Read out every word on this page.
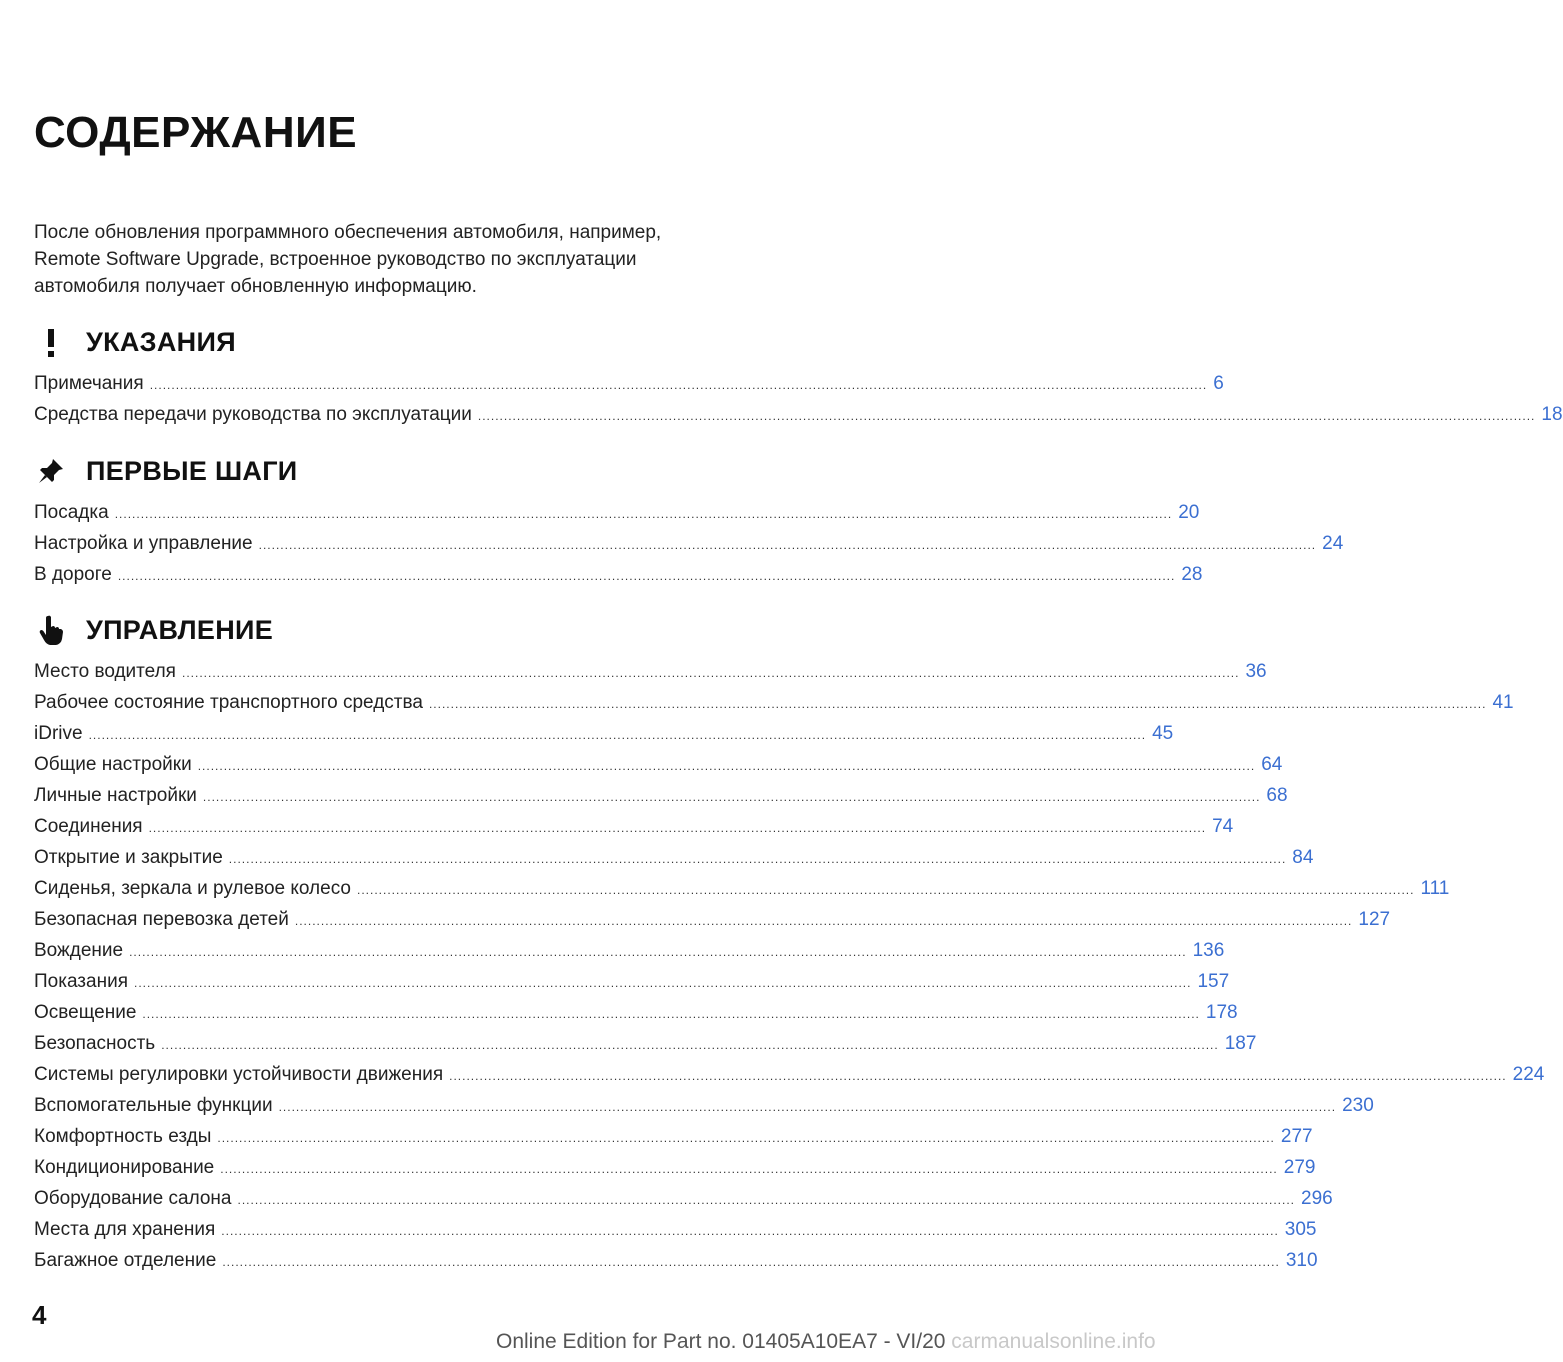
СОДЕРЖАНИЕ
После обновления программного обеспечения автомобиля, например, Remote Software Upgrade, встроенное руководство по эксплуатации автомобиля получает обновленную информацию.
УКАЗАНИЯ
Примечания .....	6
Средства передачи руководства по эксплуатации .....	18
ПЕРВЫЕ ШАГИ
Посадка .....	20
Настройка и управление .....	24
В дороге .....	28
УПРАВЛЕНИЕ
Место водителя .....	36
Рабочее состояние транспортного средства .....	41
iDrive .....	45
Общие настройки .....	64
Личные настройки .....	68
Соединения .....	74
Открытие и закрытие .....	84
Сиденья, зеркала и рулевое колесо .....	111
Безопасная перевозка детей .....	127
Вождение .....	136
Показания .....	157
Освещение .....	178
Безопасность .....	187
Системы регулировки устойчивости движения .....	224
Вспомогательные функции .....	230
Комфортность езды .....	277
Кондиционирование .....	279
Оборудование салона .....	296
Места для хранения .....	305
Багажное отделение .....	310
4
Online Edition for Part no. 01405A10EA7 - VI/20 carmanualsonline.info
